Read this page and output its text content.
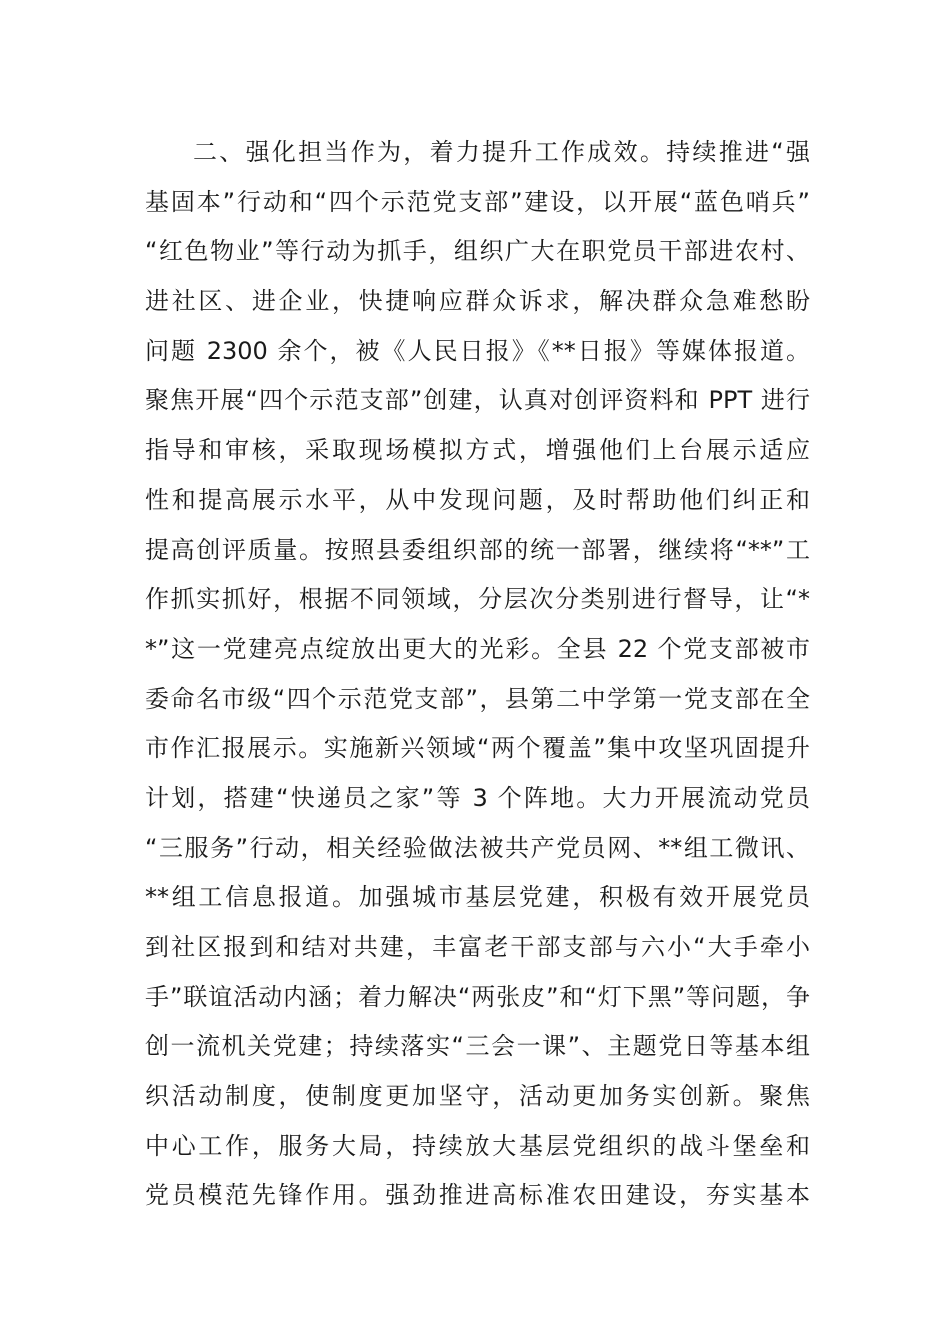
二、强化担当作为，着力提升工作成效。持续推进“强
基固本”行动和“四个示范党支部”建设，以开展“蓝色哨兵”
“红色物业”等行动为抓手，组织广大在职党员干部进农村、
进社区、进企业，快捷响应群众诉求，解决群众急难愁盼
问题 2300 余个，被《人民日报》《**日报》等媒体报道。
聚焦开展“四个示范支部”创建，认真对创评资料和 PPT 进行
指导和审核，采取现场模拟方式，增强他们上台展示适应
性和提高展示水平，从中发现问题，及时帮助他们纠正和
提高创评质量。按照县委组织部的统一部署，继续将“**”工
作抓实抓好，根据不同领域，分层次分类别进行督导，让“*
*”这一党建亮点绽放出更大的光彩。全县 22 个党支部被市
委命名市级“四个示范党支部”，县第二中学第一党支部在全
市作汇报展示。实施新兴领域“两个覆盖”集中攻坚巩固提升
计划，搭建“快递员之家”等 3 个阵地。大力开展流动党员
“三服务”行动，相关经验做法被共产党员网、**组工微讯、
**组工信息报道。加强城市基层党建，积极有效开展党员
到社区报到和结对共建，丰富老干部支部与六小“大手牵小
手”联谊活动内涵；着力解决“两张皮”和“灯下黑”等问题，争
创一流机关党建；持续落实“三会一课”、主题党日等基本组
织活动制度，使制度更加坚守，活动更加务实创新。聚焦
中心工作，服务大局，持续放大基层党组织的战斗堡垒和
党员模范先锋作用。强劲推进高标准农田建设，夯实基本
